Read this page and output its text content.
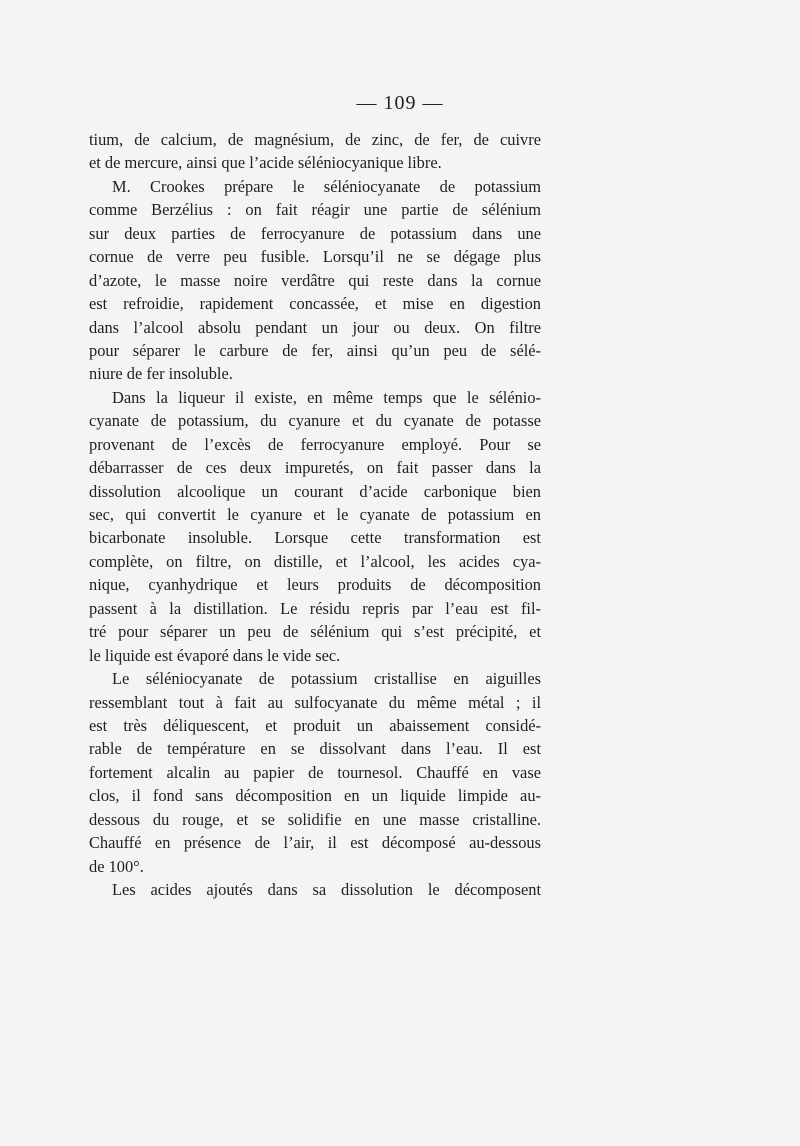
— 109 —
tium, de calcium, de magnésium, de zinc, de fer, de cuivre
et de mercure, ainsi que l’acide séléniocyanique libre.
M. Crookes prépare le séléniocyanate de potassium
comme Berzélius : on fait réagir une partie de sélénium
sur deux parties de ferrocyanure de potassium dans une
cornue de verre peu fusible. Lorsqu’il ne se dégage plus
d’azote, le masse noire verdâtre qui reste dans la cornue
est refroidie, rapidement concassée, et mise en digestion
dans l’alcool absolu pendant un jour ou deux. On filtre
pour séparer le carbure de fer, ainsi qu’un peu de sélé-
niure de fer insoluble.
Dans la liqueur il existe, en même temps que le sélénio-
cyanate de potassium, du cyanure et du cyanate de potasse
provenant de l’excès de ferrocyanure employé. Pour se
débarrasser de ces deux impuretés, on fait passer dans la
dissolution alcoolique un courant d’acide carbonique bien
sec, qui convertit le cyanure et le cyanate de potassium en
bicarbonate insoluble. Lorsque cette transformation est
complète, on filtre, on distille, et l’alcool, les acides cya-
nique, cyanhydrique et leurs produits de décomposition
passent à la distillation. Le résidu repris par l’eau est fil-
tré pour séparer un peu de sélénium qui s’est précipité, et
le liquide est évaporé dans le vide sec.
Le séléniocyanate de potassium cristallise en aiguilles
ressemblant tout à fait au sulfocyanate du même métal ; il
est très déliquescent, et produit un abaissement considé-
rable de température en se dissolvant dans l’eau. Il est
fortement alcalin au papier de tournesol. Chauffé en vase
clos, il fond sans décomposition en un liquide limpide au-
dessous du rouge, et se solidifie en une masse cristalline.
Chauffé en présence de l’air, il est décomposé au-dessous
de 100°.
Les acides ajoutés dans sa dissolution le décomposent
